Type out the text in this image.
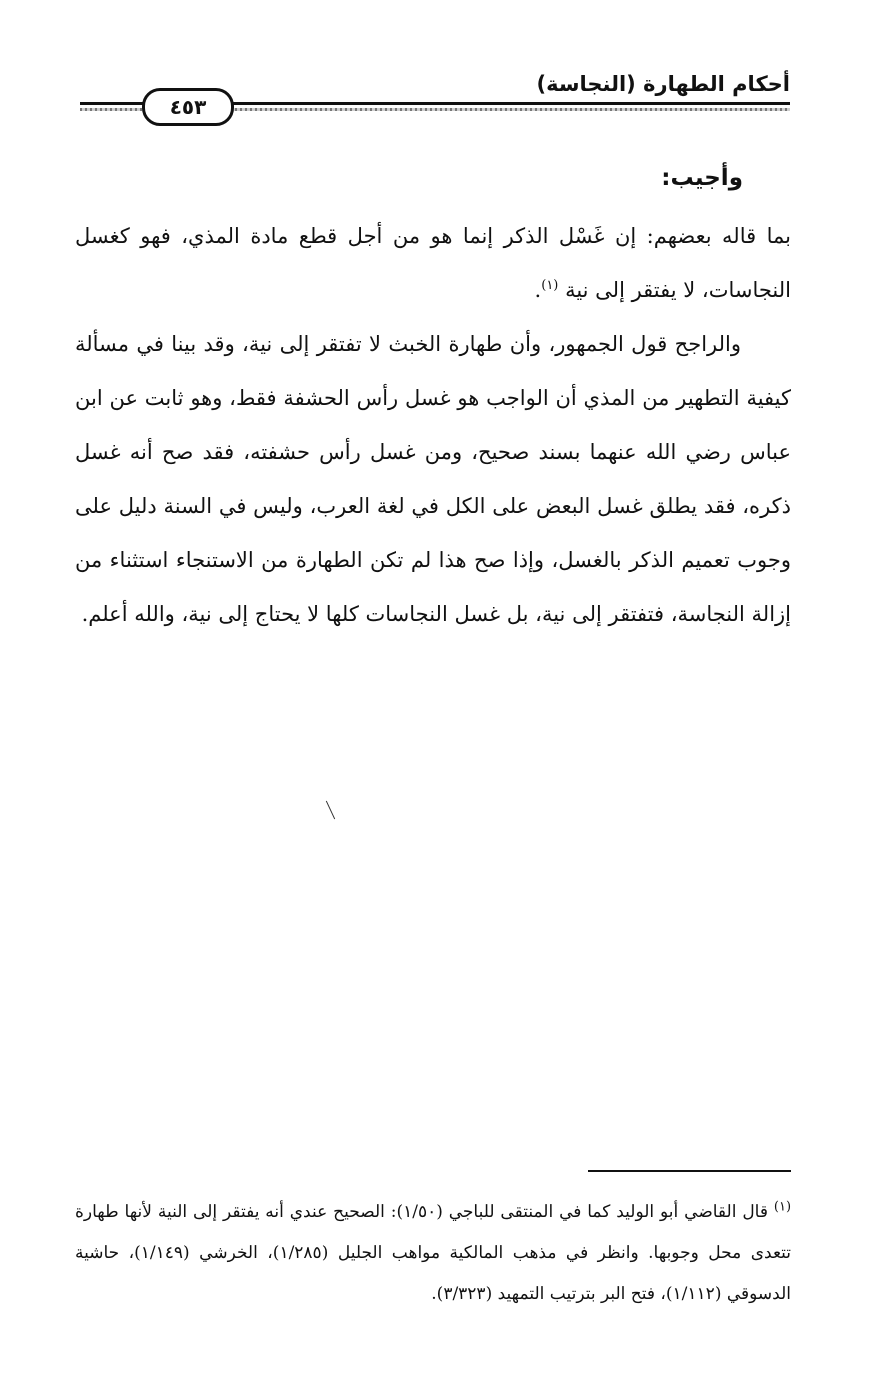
أحكام الطهارة (النجاسة)
٤٥٣

وأجيب:

بما قاله بعضهم: إن غَسْل الذكر إنما هو من أجل قطع مادة المذي، فهو كغسل النجاسات، لا يفتقر إلى نية $^{(١)}$.

والراجح قول الجمهور، وأن طهارة الخبث لا تفتقر إلى نية، وقد بينا في مسألة كيفية التطهير من المذي أن الواجب هو غسل رأس الحشفة فقط، وهو ثابت عن ابن عباس رضي الله عنهما بسند صحيح، ومن غسل رأس حشفته، فقد صح أنه غسل ذكره، فقد يطلق غسل البعض على الكل في لغة العرب، وليس في السنة دليل على وجوب تعميم الذكر بالغسل، وإذا صح هذا لم تكن الطهارة من الاستنجاء استثناء من إزالة النجاسة، فتفتقر إلى نية، بل غسل النجاسات كلها لا يحتاج إلى نية، والله أعلم.

$^{(١)}$ قال القاضي أبو الوليد كما في المنتقى للباجي (١/٥٠): الصحيح عندي أنه يفتقر إلى النية لأنها طهارة تتعدى محل وجوبها. وانظر في مذهب المالكية مواهب الجليل (١/٢٨٥)، الخرشي (١/١٤٩)، حاشية الدسوقي (١/١١٢)، فتح البر بترتيب التمهيد (٣/٣٢٣).
